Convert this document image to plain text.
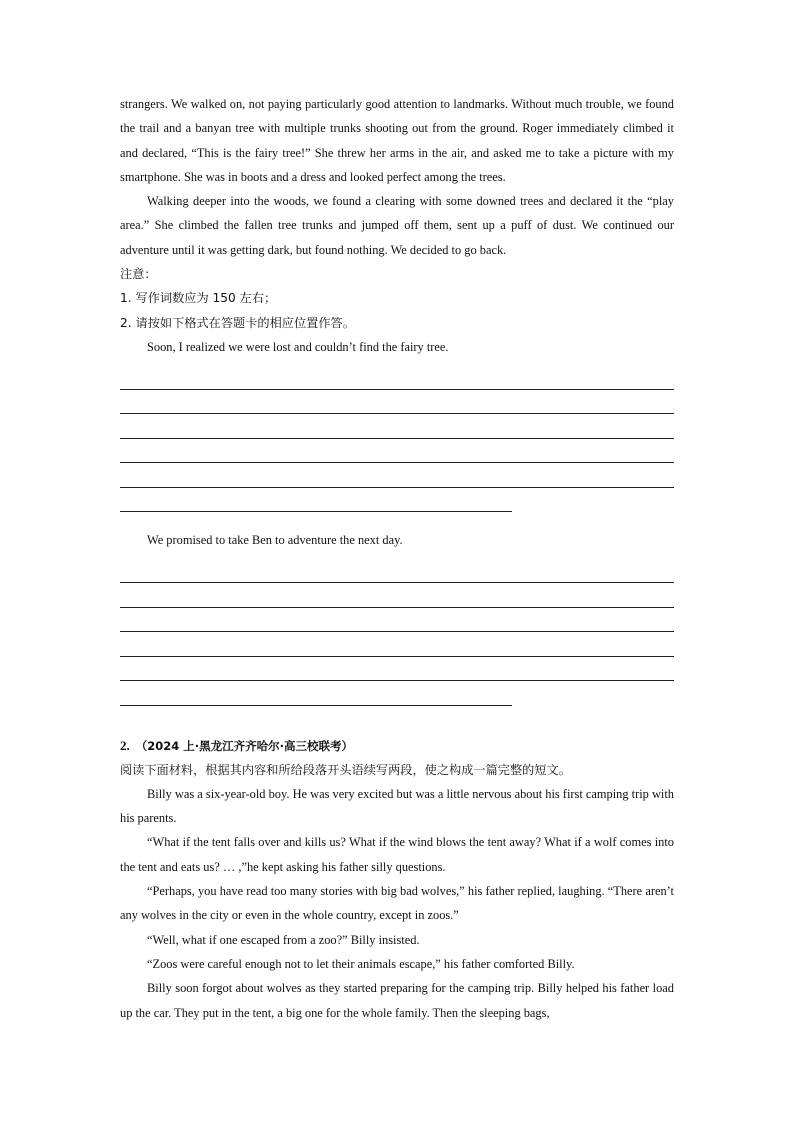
strangers. We walked on, not paying particularly good attention to landmarks. Without much trouble, we found the trail and a banyan tree with multiple trunks shooting out from the ground. Roger immediately climbed it and declared, “This is the fairy tree!” She threw her arms in the air, and asked me to take a picture with my smartphone. She was in boots and a dress and looked perfect among the trees.

Walking deeper into the woods, we found a clearing with some downed trees and declared it the “play area.” She climbed the fallen tree trunks and jumped off them, sent up a puff of dust. We continued our adventure until it was getting dark, but found nothing. We decided to go back.

注意：

1. 写作词数应为 150 左右；

2. 请按如下格式在答题卡的相应位置作答。

Soon, I realized we were lost and couldn’t find the fairy tree.

We promised to take Ben to adventure the next day.

2. （2024 上·黑龙江齐齐哈尔·高三校联考）

阅读下面材料，根据其内容和所给段落开头语续写两段，使之构成一篇完整的短文。

Billy was a six-year-old boy. He was very excited but was a little nervous about his first camping trip with his parents.

“What if the tent falls over and kills us? What if the wind blows the tent away? What if a wolf comes into the tent and eats us? … ,”he kept asking his father silly questions.

“Perhaps, you have read too many stories with big bad wolves,” his father replied, laughing. “There aren’t any wolves in the city or even in the whole country, except in zoos.”

“Well, what if one escaped from a zoo?” Billy insisted.

“Zoos were careful enough not to let their animals escape,” his father comforted Billy.

Billy soon forgot about wolves as they started preparing for the camping trip. Billy helped his father load up the car. They put in the tent, a big one for the whole family. Then the sleeping bags,
